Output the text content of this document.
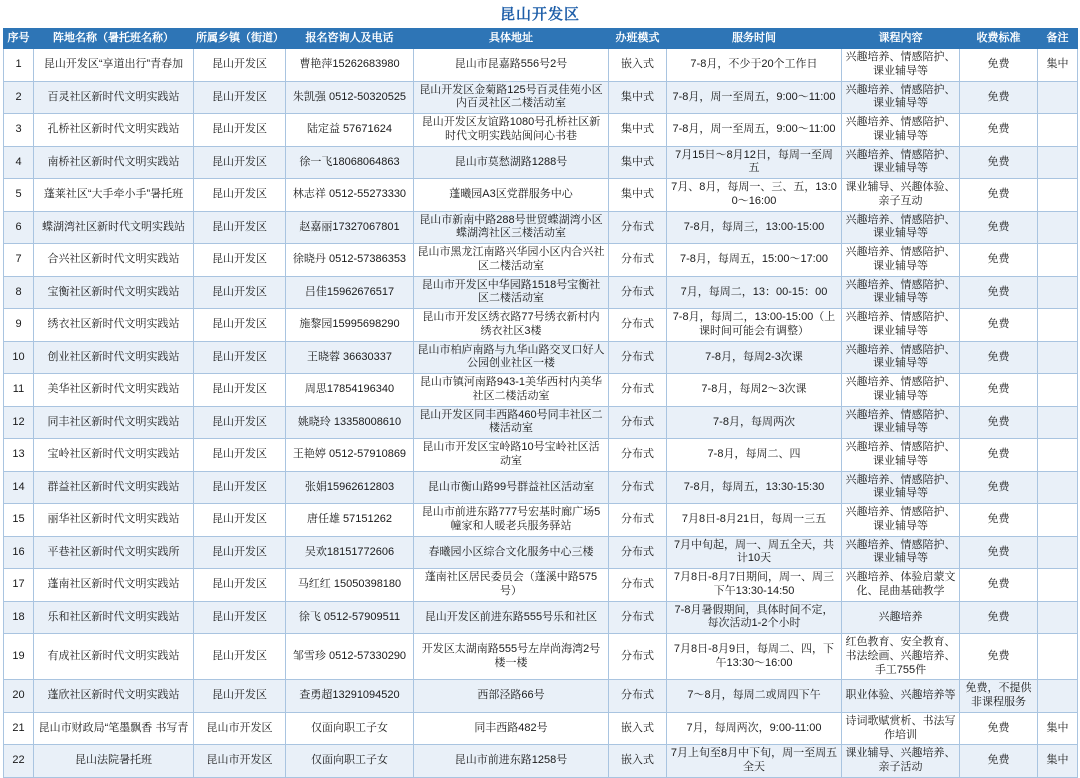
昆山开发区
序号	阵地名称（暑托班名称）	所属乡镇（街道）	报名咨询人及电话	具体地址	办班模式	服务时间	课程内容	收费标准	备注
1	昆山开发区“享道出行”青春加	昆山开发区	曹艳萍15262683980	昆山市昆嘉路556号2号	嵌入式	7-8月，不少于20个工作日	兴趣培养、情感陪护、课业辅导等	免费	集中
2	百灵社区新时代文明实践站	昆山开发区	朱凯强 0512-50320525	昆山开发区金菊路125号百灵佳苑小区内百灵社区二楼活动室	集中式	7-8月，周一至周五，9:00～11:00	兴趣培养、情感陪护、课业辅导等	免费	
3	孔桥社区新时代文明实践站	昆山开发区	陆定益 57671624	昆山开发区友谊路1080号孔桥社区新时代文明实践站闽问心书巷	集中式	7-8月，周一至周五，9:00～11:00	兴趣培养、情感陪护、课业辅导等	免费	
4	南桥社区新时代文明实践站	昆山开发区	徐一飞18068064863	昆山市莫愁湖路1288号	集中式	7月15日～8月12日，每周一至周五	兴趣培养、情感陪护、课业辅导等	免费	
5	蓬莱社区“大手牵小手”暑托班	昆山开发区	林志祥 0512-55273330	蓬曦园A3区党群服务中心	集中式	7月、8月，每周一、三、五，13:00～16:00	课业辅导、兴趣体验、亲子互动	免费	
6	蝶湖湾社区新时代文明实践站	昆山开发区	赵嘉丽17327067801	昆山市新南中路288号世贸蝶湖湾小区蝶湖湾社区三楼活动室	分布式	7-8月，每周三，13:00-15:00	兴趣培养、情感陪护、课业辅导等	免费	
7	合兴社区新时代文明实践站	昆山开发区	徐晓丹 0512-57386353	昆山市黑龙江南路兴华园小区内合兴社区二楼活动室	分布式	7-8月，每周五，15:00～17:00	兴趣培养、情感陪护、课业辅导等	免费	
8	宝衡社区新时代文明实践站	昆山开发区	吕佳15962676517	昆山市开发区中华园路1518号宝衡社区二楼活动室	分布式	7月，每周二，13：00-15：00	兴趣培养、情感陪护、课业辅导等	免费	
9	绣衣社区新时代文明实践站	昆山开发区	施黎园15995698290	昆山市开发区绣衣路77号绣衣新村内绣衣社区3楼	分布式	7-8月，每周二，13:00-15:00（上课时间可能会有调整）	兴趣培养、情感陪护、课业辅导等	免费	
10	创业社区新时代文明实践站	昆山开发区	王晓蓉 36630337	昆山市柏庐南路与九华山路交叉口好人公园创业社区一楼	分布式	7-8月，每周2-3次课	兴趣培养、情感陪护、课业辅导等	免费	
11	美华社区新时代文明实践站	昆山开发区	周思17854196340	昆山市镇河南路943-1美华西村内美华社区二楼活动室	分布式	7-8月，每周2～3次课	兴趣培养、情感陪护、课业辅导等	免费	
12	同丰社区新时代文明实践站	昆山开发区	姚晓玲 13358008610	昆山开发区同丰西路460号同丰社区二楼活动室	分布式	7-8月，每周两次	兴趣培养、情感陪护、课业辅导等	免费	
13	宝岭社区新时代文明实践站	昆山开发区	王艳婷 0512-57910869	昆山市开发区宝岭路10号宝岭社区活动室	分布式	7-8月，每周二、四	兴趣培养、情感陪护、课业辅导等	免费	
14	群益社区新时代文明实践站	昆山开发区	张娟15962612803	昆山市衡山路99号群益社区活动室	分布式	7-8月，每周五，13:30-15:30	兴趣培养、情感陪护、课业辅导等	免费	
15	丽华社区新时代文明实践站	昆山开发区	唐任雄 57151262	昆山市前进东路777号宏基时廊广场5幢家和人暖老兵服务驿站	分布式	7月8日-8月21日，每周一三五	兴趣培养、情感陪护、课业辅导等	免费	
16	平巷社区新时代文明实践所	昆山开发区	吴欢18151772606	春曦园小区综合文化服务中心三楼	分布式	7月中旬起，周一、周五全天，共计10天	兴趣培养、情感陪护、课业辅导等	免费	
17	蓬南社区新时代文明实践站	昆山开发区	马红红 15050398180	蓬南社区居民委员会（蓬溪中路575号）	分布式	7月8日-8月7日期间，周一、周三下午13:30-14:50	兴趣培养、体验启蒙文化、昆曲基础教学	免费	
18	乐和社区新时代文明实践站	昆山开发区	徐飞 0512-57909511	昆山开发区前进东路555号乐和社区	分布式	7-8月暑假期间，具体时间不定，每次活动1-2个小时	兴趣培养	免费	
19	有成社区新时代文明实践站	昆山开发区	邹雪珍 0512-57330290	开发区太湖南路555号左岸尚海湾2号楼一楼	分布式	7月8日-8月9日，每周二、四，下午13:30～16:00	红色教育、安全教育、书法绘画、兴趣培养、手工755件	免费	
20	蓬欣社区新时代文明实践站	昆山开发区	查勇超13291094520	西部泾路66号	分布式	7～8月，每周二或周四下午	职业体验、兴趣培养等	免费，不提供非课程服务	
21	昆山市财政局“笔墨飘香 书写青	昆山市开发区	仅面向职工子女	同丰西路482号	嵌入式	7月，每周两次，9:00-11:00	诗词歌赋赏析、书法写作培训	免费	集中
22	昆山法院暑托班	昆山市开发区	仅面向职工子女	昆山市前进东路1258号	嵌入式	7月上旬至8月中下旬，周一至周五全天	课业辅导、兴趣培养、亲子活动	免费	集中
